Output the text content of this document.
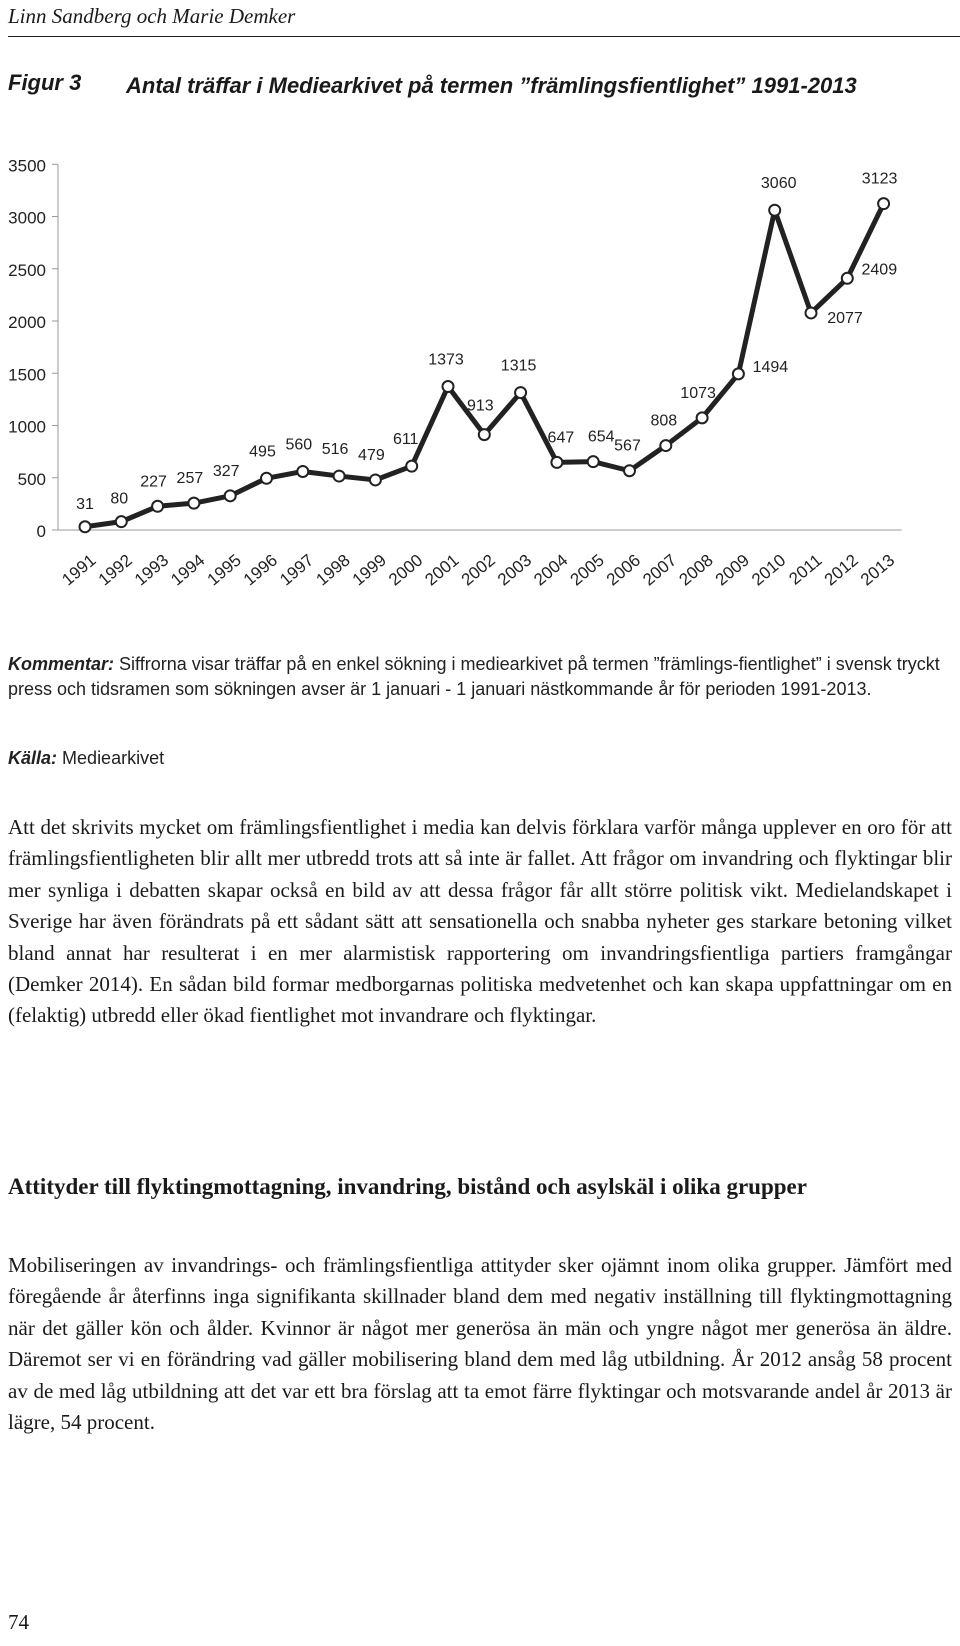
Linn Sandberg och Marie Demker
Figur 3 Antal träffar i Mediearkivet på termen ”främlingsfientlighet” 1991-2013
0
500
1000
1500
2000
2500
3000
3500
1991
1992
1993
1994
1995
1996
1997
1998
1999
2000
2001
2002
2003
2004
2005
2006
2007
2008
2009
2010
2011
2012
2013
31 80
227 257 327
495 560 516 479
611
1373
913
1315
647 654
567
808
1073
1494
3060
2077
2409
3123
Kommentar: Siffrorna visar träffar på en enkel sökning i mediearkivet på termen ”främlings-fientlighet” i svensk tryckt press och tidsramen som sökningen avser är 1 januari - 1 januari nästkommande år för perioden 1991-2013.
Källa: Mediearkivet

Att det skrivits mycket om främlingsfientlighet i media kan delvis förklara varför många upplever en oro för att främlingsfientligheten blir allt mer utbredd trots att så inte är fallet. Att frågor om invandring och flyktingar blir mer synliga i debatten skapar också en bild av att dessa frågor får allt större politisk vikt. Medielandskapet i Sverige har även förändrats på ett sådant sätt att sensationella och snabba nyheter ges starkare betoning vilket bland annat har resulterat i en mer alarmistisk rapportering om invandringsfientliga partiers framgångar (Demker 2014). En sådan bild formar medborgarnas politiska medvetenhet och kan skapa uppfattningar om en (felaktig) utbredd eller ökad fientlighet mot invandrare och flyktingar.

Attityder till flyktingmottagning, invandring, bistånd och asylskäl i olika grupper

Mobiliseringen av invandrings- och främlingsfientliga attityder sker ojämnt inom olika grupper. Jämfört med föregående år återfinns inga signifikanta skillnader bland dem med negativ inställning till flyktingmottagning när det gäller kön och ålder. Kvinnor är något mer generösa än män och yngre något mer generösa än äldre. Däremot ser vi en förändring vad gäller mobilisering bland dem med låg utbildning. År 2012 ansåg 58 procent av de med låg utbildning att det var ett bra förslag att ta emot färre flyktingar och motsvarande andel år 2013 är lägre, 54 procent.

74
